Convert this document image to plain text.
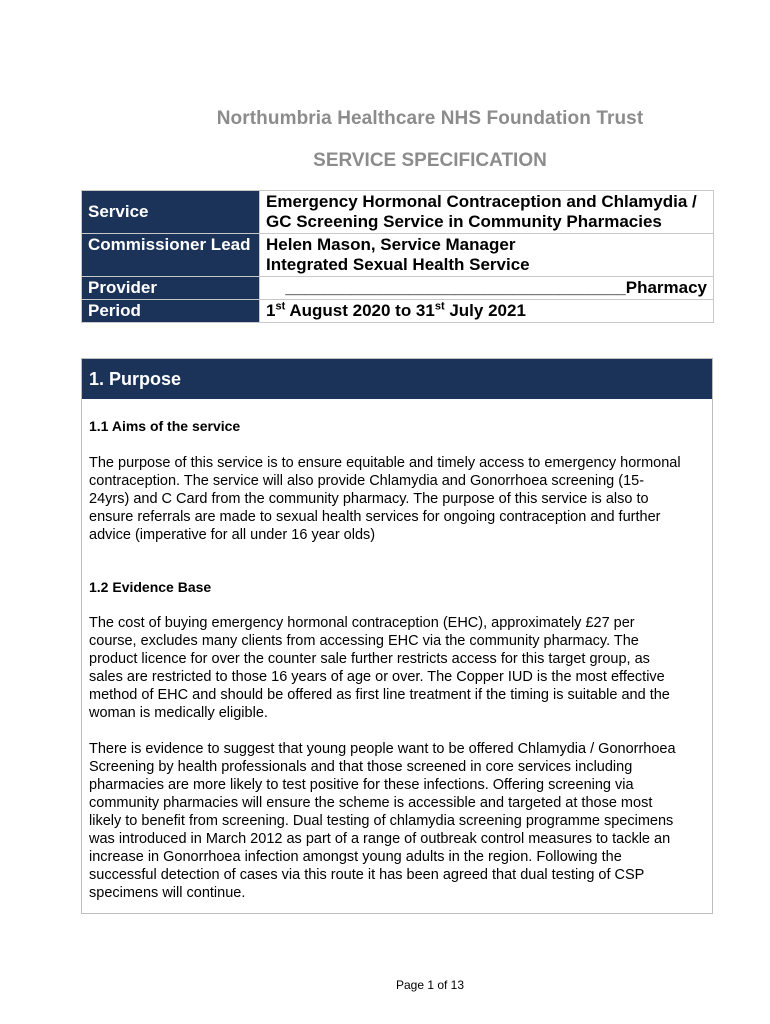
Northumbria Healthcare NHS Foundation Trust
SERVICE SPECIFICATION
Service	Emergency Hormonal Contraception and Chlamydia / GC Screening Service in Community Pharmacies
Commissioner Lead	Helen Mason, Service Manager
Integrated Sexual Health Service

Provider	____________________________________Pharmacy
Period	1st August 2020 to 31st July 2021
1. Purpose
1.1 Aims of the service
The purpose of this service is to ensure equitable and timely access to emergency hormonal
contraception. The service will also provide Chlamydia and Gonorrhoea screening (15-
24yrs) and C Card from the community pharmacy. The purpose of this service is also to
ensure referrals are made to sexual health services for ongoing contraception and further
advice (imperative for all under 16 year olds)
1.2 Evidence Base
The cost of buying emergency hormonal contraception (EHC), approximately £27 per
course, excludes many clients from accessing EHC via the community pharmacy. The
product licence for over the counter sale further restricts access for this target group, as
sales are restricted to those 16 years of age or over. The Copper IUD is the most effective
method of EHC and should be offered as first line treatment if the timing is suitable and the
woman is medically eligible.
There is evidence to suggest that young people want to be offered Chlamydia / Gonorrhoea
Screening by health professionals and that those screened in core services including
pharmacies are more likely to test positive for these infections. Offering screening via
community pharmacies will ensure the scheme is accessible and targeted at those most
likely to benefit from screening. Dual testing of chlamydia screening programme specimens
was introduced in March 2012 as part of a range of outbreak control measures to tackle an
increase in Gonorrhoea infection amongst young adults in the region. Following the
successful detection of cases via this route it has been agreed that dual testing of CSP
specimens will continue.
Page 1 of 13
